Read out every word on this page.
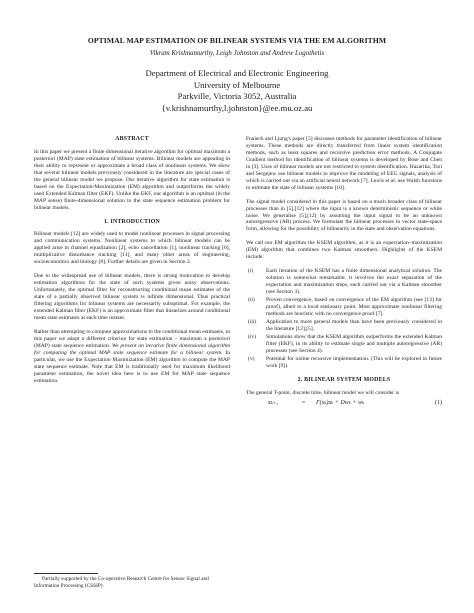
OPTIMAL MAP ESTIMATION OF BILINEAR SYSTEMS VIA THE EM ALGORITHM
Vikram Krishnamurthy, Leigh Johnston and Andrew Logothetis
Department of Electrical and Electronic Engineering
University of Melbourne
Parkville, Victoria 3052, Australia
{v.krishnamurthy,l.johnston}@ee.mu.oz.au
ABSTRACT

In this paper we present a finite dimensional iterative algorithm for optimal maximum a posteriori (MAP) state estimation of bilinear systems. Bilinear models are appealing in their ability to represent or approximate a broad class of nonlinear systems. We show that several bilinear models previously considered in the literature are special cases of the general bilinear model we propose. Our iterative algorithm for state estimation is based on the Expectation-Maximization (EM) algorithm and outperforms the widely used Extended Kalman filter (EKF). Unlike the EKF, our algorithm is an optimal (in the MAP sense) finite-dimensional solution to the state sequence estimation problem for bilinear models.

1. INTRODUCTION

Bilinear models [12] are widely used to model nonlinear processes in signal processing and communication systems. Nonlinear systems to which bilinear models can be applied arise in channel equalization [2], echo cancellation [1], nonlinear tracking [6], multiplicative disturbance tracking [11], and many other areas of engineering, socioeconomics and biology [8]. Further details are given in Section 2.

Due to the widespread use of bilinear models, there is strong motivation to develop estimation algorithms for the state of such systems given noisy observations. Unfortunately, the optimal filter for reconstructing conditional mean estimates of the state of a partially observed bilinear system is infinite dimensional. Thus practical filtering algorithms for bilinear systems are necessarily suboptimal. For example, the extended Kalman filter (EKF) is an approximate filter that linearizes around conditional mean state estimates at each time instant.

Rather than attempting to compute approximations to the conditional mean estimates, in this paper we adopt a different criterion for state estimation – maximum a posteriori (MAP) state sequence estimation. We present an iterative finite dimensional algorithm for computing the optimal MAP state sequence estimate for a bilinear system. In particular, we use the Expectation Maximization (EM) algorithm to compute the MAP state sequence estimate. Note that EM is traditionally used for maximum likelihood parameter estimation; the novel idea here is to use EM for MAP state sequence estimation.

Partially supported by the Co-operative Research Centre for Sensor Signal and Information Processing (CSSIP)

Fnaiech and Ljung's paper [5] discusses methods for parameter identification of bilinear systems. These methods are directly transferred from linear system identification methods, such as least squares and recursive prediction error methods. A Conjugate Gradient method for identification of bilinear systems is developed by Bose and Chen in [3]. Uses of bilinear models are not restricted to system identification. Hazarika, Tsoi and Sergejew use bilinear models to improve the modeling of EEG signals, analysis of which is carried out via an artificial neural network [7]. Lewis et al. use Walsh functions to estimate the state of bilinear systems [10].

The signal model considered in this paper is based on a much broader class of bilinear processes than in [5],[12] where the input is a known deterministic sequence or white noise. We generalise [5],[12] by assuming the input signal to be an unknown autoregressive (AR) process. We formulate the bilinear processes in vector state-space form, allowing for the possibility of bilinearity in the state and observation equations.

We call our EM algorithm the KSEM algorithm, as it is an expectation–maximization (EM) algorithm that combines two Kalman smoothers. Highlights of the KSEM include:

(i) Each iteration of the KSEM has a finite dimensional analytical solution. The solution is somewhat remarkable: it involves the exact separation of the expectation and maximization steps, each carried out via a Kalman smoother (see Section 3).
(ii) Proven convergence, based on convergence of the EM algorithm (see [13] for proof), albeit to a local stationary point. Most approximate nonlinear filtering methods are heuristic with no convergence proof [7].
(iii) Application to more general models than have been previously considered in the literature [12],[5].
(iv) Simulations show that the KSEM algorithm outperforms the extended Kalman filter (EKF), in its ability to estimate single and multiple autoregressive (AR) processes (see Section 4).
(v) Potential for online recursive implementation. (This will be explored in future work [9]).
2. BILINEAR SYSTEM MODELS

The general T-point, discrete time, bilinear model we will consider is

xₖ₊₁	= F(xₖ)xₖ + Dwₖ + wₖ	(1)
